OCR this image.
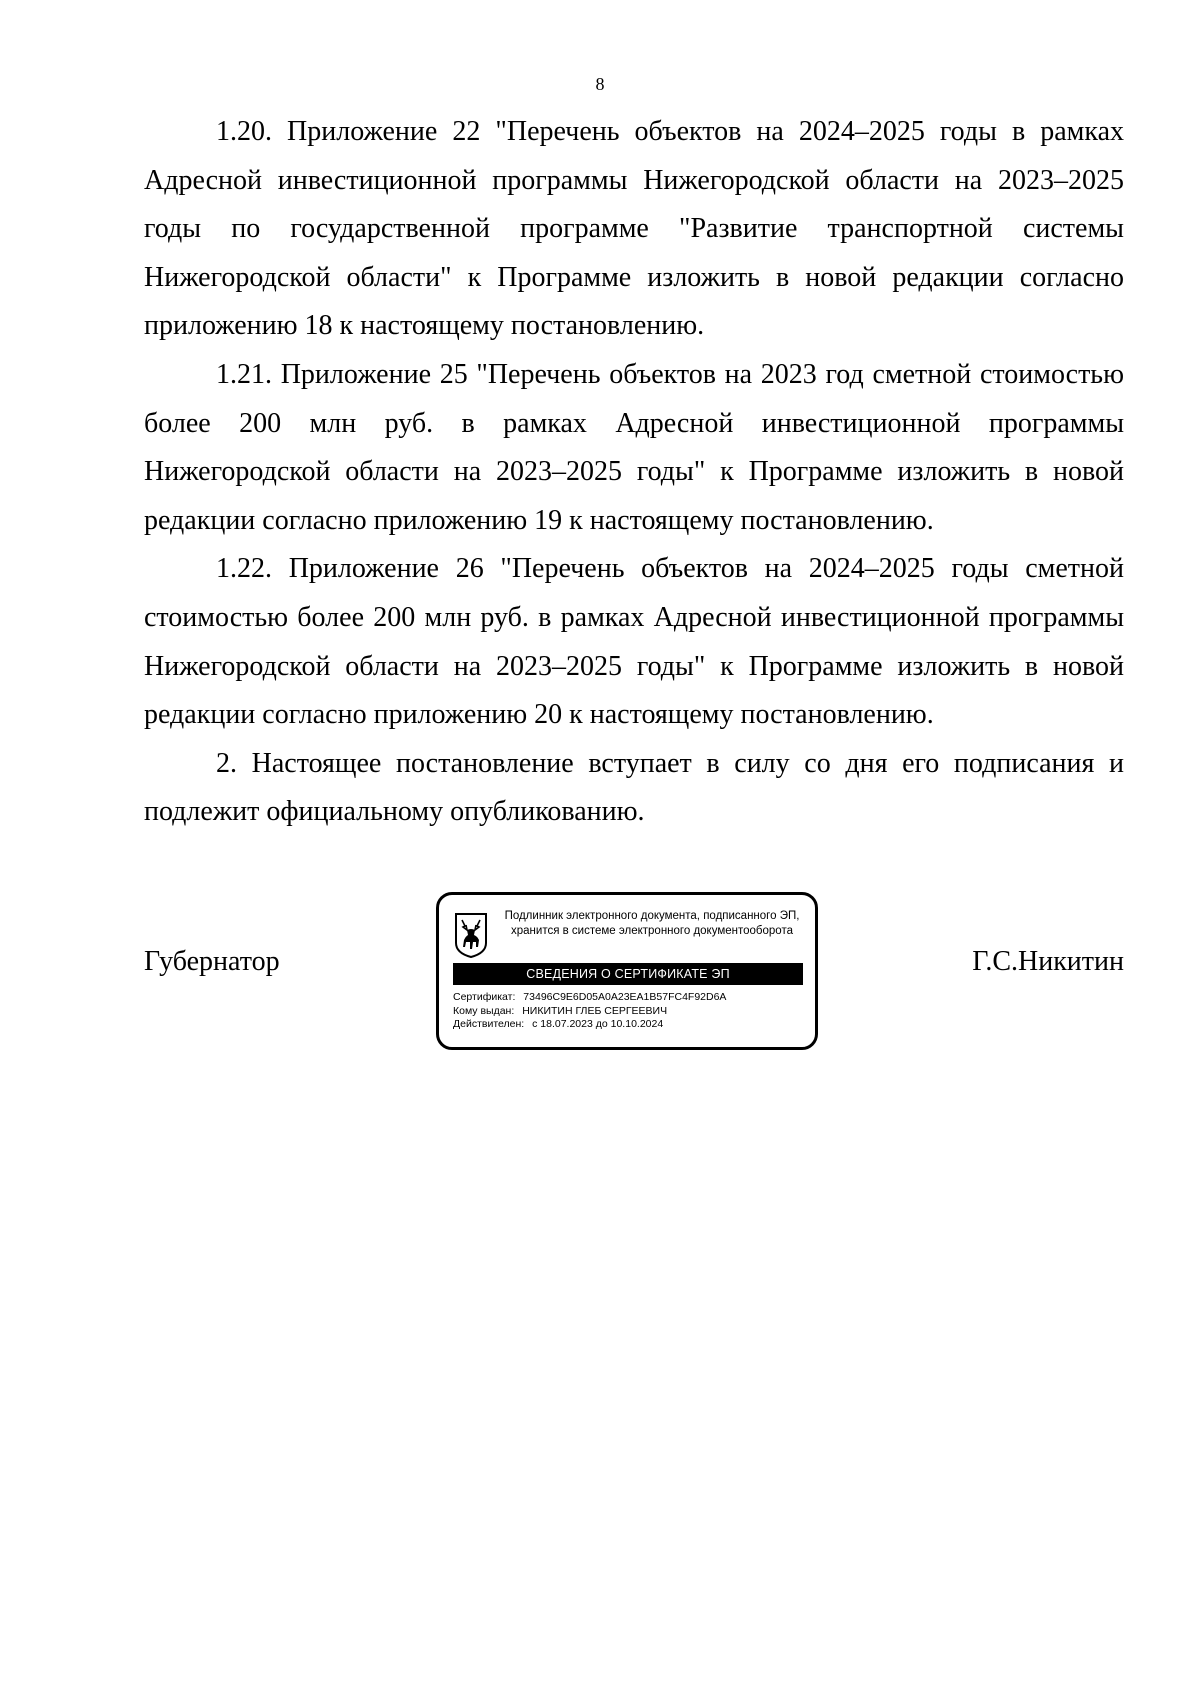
8

1.20. Приложение 22 "Перечень объектов на 2024–2025 годы в рамках Адресной инвестиционной программы Нижегородской области на 2023–2025 годы по государственной программе "Развитие транспортной системы Нижегородской области" к Программе изложить в новой редакции согласно приложению 18 к настоящему постановлению.

1.21. Приложение 25 "Перечень объектов на 2023 год сметной стоимостью более 200 млн руб. в рамках Адресной инвестиционной программы Нижегородской области на 2023–2025 годы" к Программе изложить в новой редакции согласно приложению 19 к настоящему постановлению.

1.22. Приложение 26 "Перечень объектов на 2024–2025 годы сметной стоимостью более 200 млн руб. в рамках Адресной инвестиционной программы Нижегородской области на 2023–2025 годы" к Программе изложить в новой редакции согласно приложению 20 к настоящему постановлению.

2. Настоящее постановление вступает в силу со дня его подписания и подлежит официальному опубликованию.

Губернатор
Подлинник электронного документа, подписанного ЭП,
хранится в системе электронного документооборота
СВЕДЕНИЯ О СЕРТИФИКАТЕ ЭП
Сертификат: 73496C9E6D05A0A23EA1B57FC4F92D6A
Кому выдан: НИКИТИН ГЛЕБ СЕРГЕЕВИЧ
Действителен: с 18.07.2023 до 10.10.2024
Г.С.Никитин
